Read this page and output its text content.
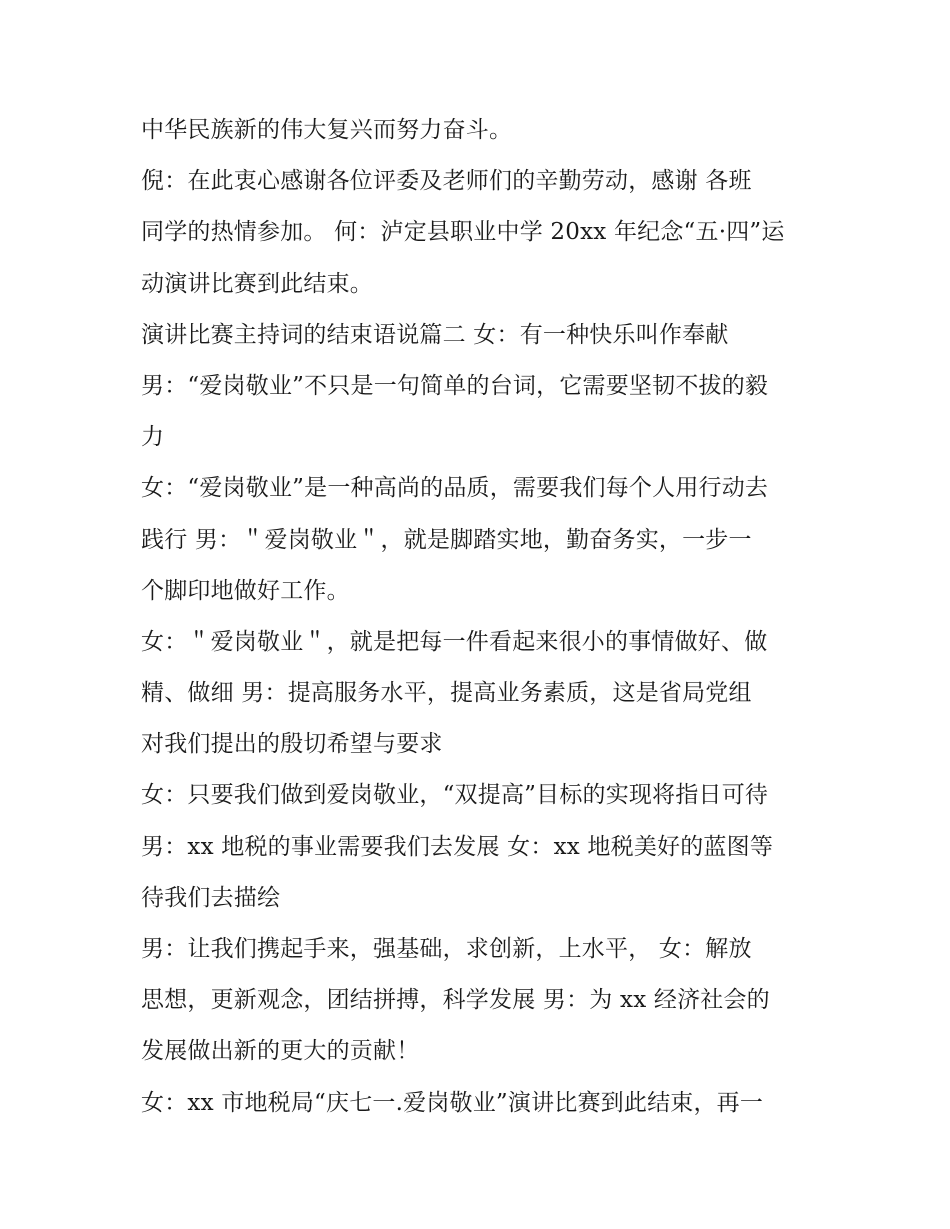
中华民族新的伟大复兴而努力奋斗。
倪：在此衷心感谢各位评委及老师们的辛勤劳动，感谢 各班
同学的热情参加。 何：泸定县职业中学 20xx 年纪念“五·四”运
动演讲比赛到此结束。
演讲比赛主持词的结束语说篇二 女：有一种快乐叫作奉献
男：“爱岗敬业”不只是一句简单的台词，它需要坚韧不拔的毅
力
女：“爱岗敬业”是一种高尚的品质，需要我们每个人用行动去
践行 男：＂爱岗敬业＂，就是脚踏实地，勤奋务实，一步一
个脚印地做好工作。
女：＂爱岗敬业＂，就是把每一件看起来很小的事情做好、做
精、做细 男：提高服务水平，提高业务素质，这是省局党组
对我们提出的殷切希望与要求
女：只要我们做到爱岗敬业，“双提高”目标的实现将指日可待
男：xx 地税的事业需要我们去发展 女：xx 地税美好的蓝图等
待我们去描绘
男：让我们携起手来，强基础，求创新，上水平， 女：解放
思想，更新观念，团结拼搏，科学发展 男：为 xx 经济社会的
发展做出新的更大的贡献！
女：xx 市地税局“庆七一.爱岗敬业”演讲比赛到此结束，再一
